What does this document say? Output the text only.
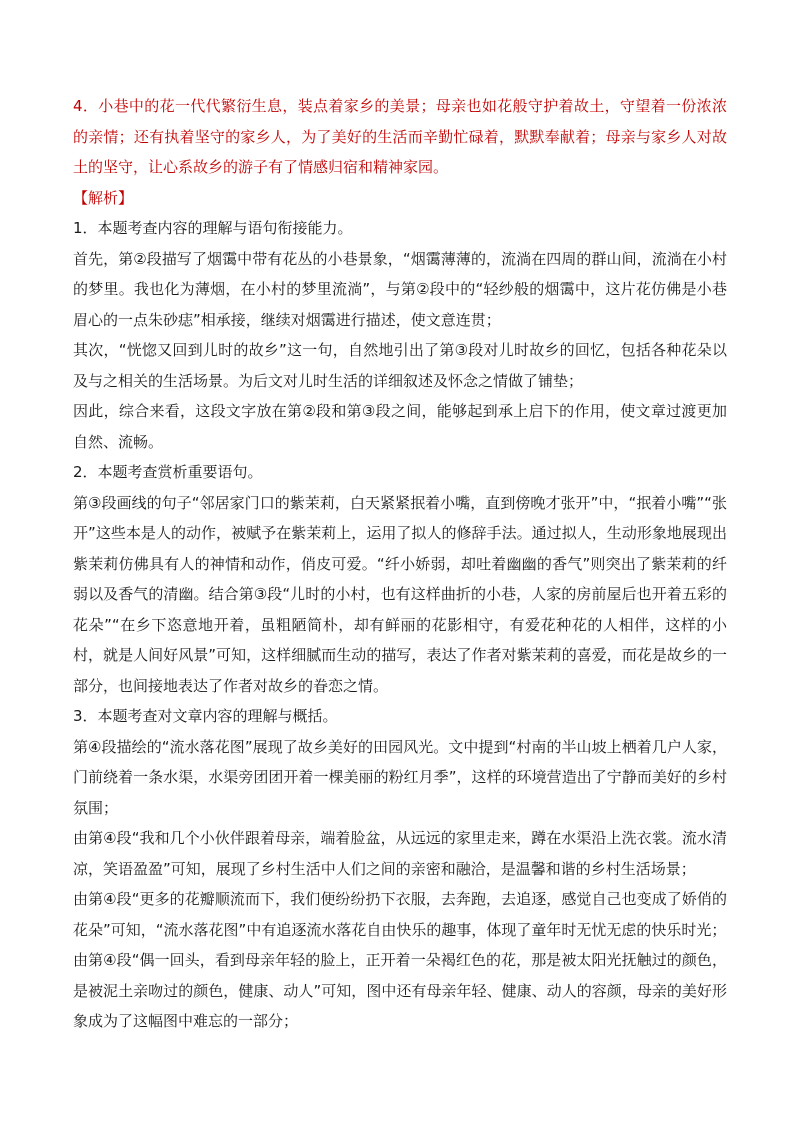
4．小巷中的花一代代繁衍生息，装点着家乡的美景；母亲也如花般守护着故土，守望着一份浓浓的亲情；还有执着坚守的家乡人，为了美好的生活而辛勤忙碌着，默默奉献着；母亲与家乡人对故土的坚守，让心系故乡的游子有了情感归宿和精神家园。

【解析】

1．本题考查内容的理解与语句衔接能力。

首先，第②段描写了烟霭中带有花丛的小巷景象，“烟霭薄薄的，流淌在四周的群山间，流淌在小村的梦里。我也化为薄烟，在小村的梦里流淌”，与第②段中的“轻纱般的烟霭中，这片花仿佛是小巷眉心的一点朱砂痣”相承接，继续对烟霭进行描述，使文意连贯；

其次，“恍惚又回到儿时的故乡”这一句，自然地引出了第③段对儿时故乡的回忆，包括各种花朵以及与之相关的生活场景。为后文对儿时生活的详细叙述及怀念之情做了铺垫；

因此，综合来看，这段文字放在第②段和第③段之间，能够起到承上启下的作用，使文章过渡更加自然、流畅。

2．本题考查赏析重要语句。

第③段画线的句子“邻居家门口的紫茉莉，白天紧紧抿着小嘴，直到傍晚才张开”中，“抿着小嘴”“张开”这些本是人的动作，被赋予在紫茉莉上，运用了拟人的修辞手法。通过拟人，生动形象地展现出紫茉莉仿佛具有人的神情和动作，俏皮可爱。“纤小娇弱，却吐着幽幽的香气”则突出了紫茉莉的纤弱以及香气的清幽。结合第③段“儿时的小村，也有这样曲折的小巷，人家的房前屋后也开着五彩的花朵”“在乡下恣意地开着，虽粗陋简朴，却有鲜丽的花影相守，有爱花种花的人相伴，这样的小村，就是人间好风景”可知，这样细腻而生动的描写，表达了作者对紫茉莉的喜爱，而花是故乡的一部分，也间接地表达了作者对故乡的眷恋之情。

3．本题考查对文章内容的理解与概括。

第④段描绘的“流水落花图”展现了故乡美好的田园风光。文中提到“村南的半山坡上栖着几户人家，门前绕着一条水渠，水渠旁团团开着一棵美丽的粉红月季”，这样的环境营造出了宁静而美好的乡村氛围；

由第④段“我和几个小伙伴跟着母亲，端着脸盆，从远远的家里走来，蹲在水渠沿上洗衣裳。流水清凉，笑语盈盈”可知，展现了乡村生活中人们之间的亲密和融洽，是温馨和谐的乡村生活场景；

由第④段“更多的花瓣顺流而下，我们便纷纷扔下衣服，去奔跑，去追逐，感觉自己也变成了娇俏的花朵”可知，“流水落花图”中有追逐流水落花自由快乐的趣事，体现了童年时无忧无虑的快乐时光；

由第④段“偶一回头，看到母亲年轻的脸上，正开着一朵褐红色的花，那是被太阳光抚触过的颜色，是被泥土亲吻过的颜色，健康、动人”可知，图中还有母亲年轻、健康、动人的容颜，母亲的美好形象成为了这幅图中难忘的一部分；
